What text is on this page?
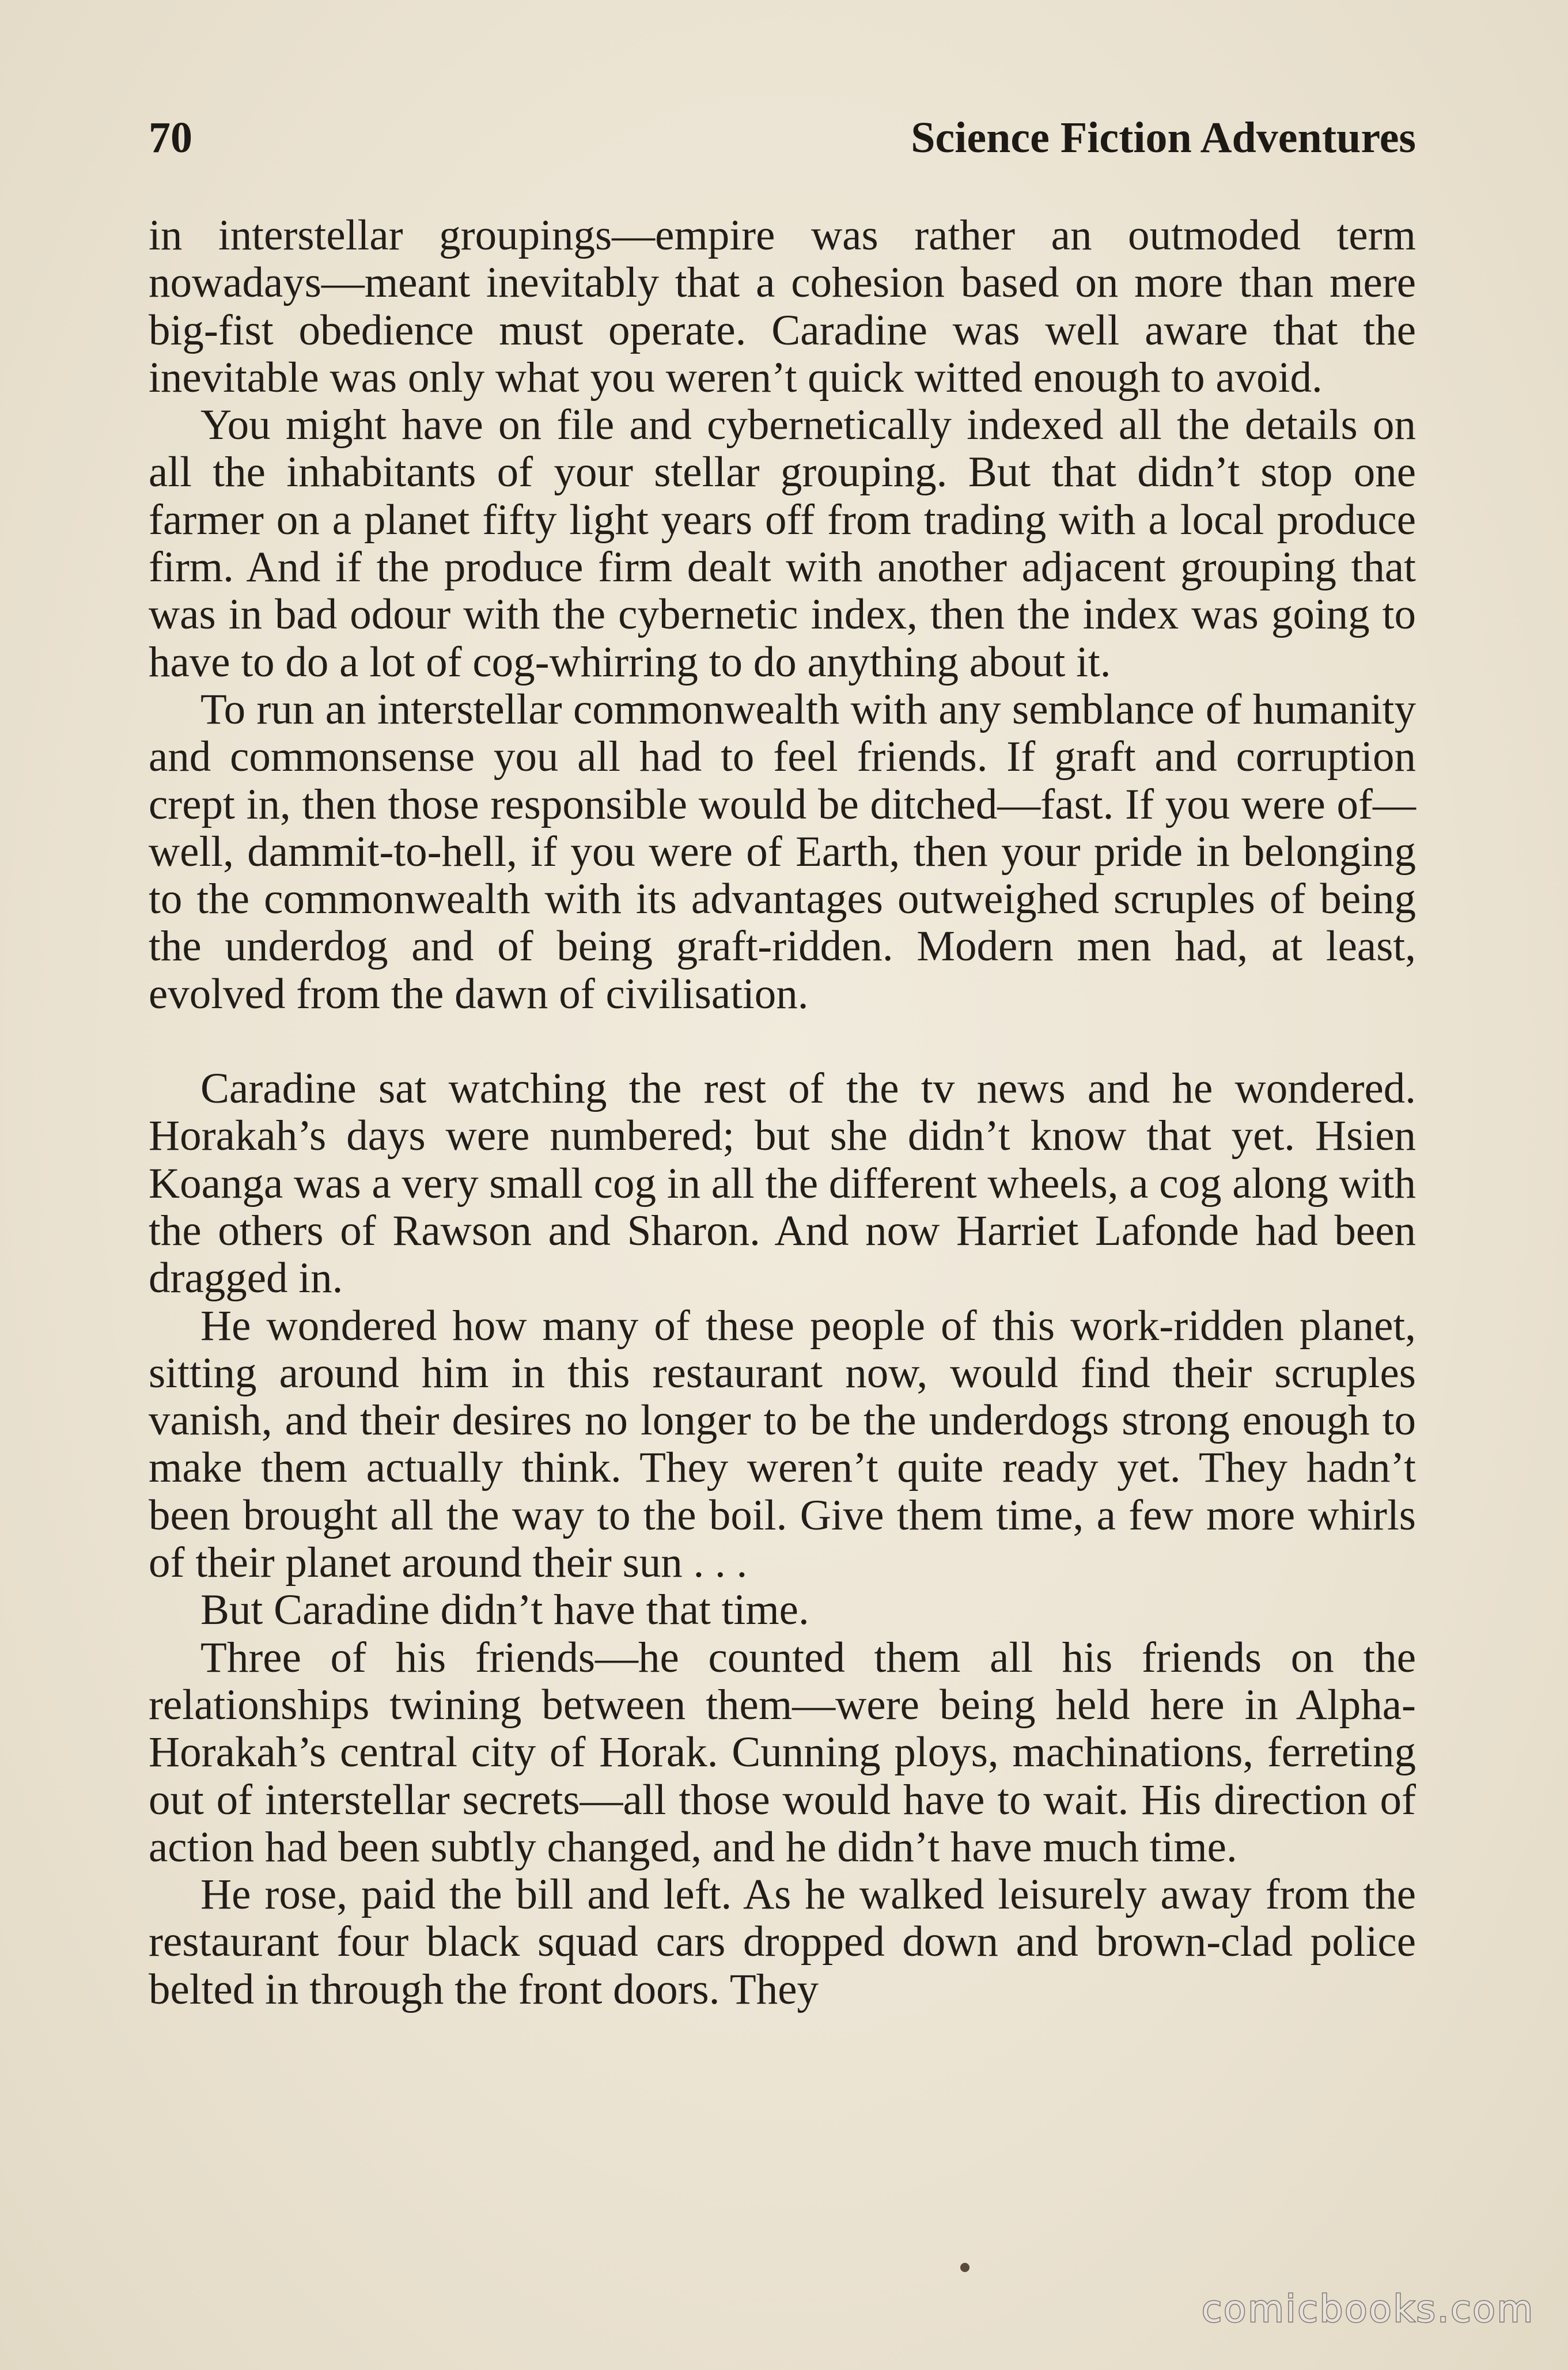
70	Science Fiction Adventures

in interstellar groupings—empire was rather an outmoded term nowadays—meant inevitably that a cohesion based on more than mere big-fist obedience must operate. Caradine was well aware that the inevitable was only what you weren’t quick witted enough to avoid.

You might have on file and cybernetically indexed all the details on all the inhabitants of your stellar grouping. But that didn’t stop one farmer on a planet fifty light years off from trading with a local produce firm. And if the produce firm dealt with another adjacent grouping that was in bad odour with the cybernetic index, then the index was going to have to do a lot of cog-whirring to do anything about it.

To run an interstellar commonwealth with any semblance of humanity and commonsense you all had to feel friends. If graft and corruption crept in, then those responsible would be ditched—fast. If you were of—well, dammit-to-hell, if you were of Earth, then your pride in belonging to the commonwealth with its advantages outweighed scruples of being the underdog and of being graft-ridden. Modern men had, at least, evolved from the dawn of civilisation.

Caradine sat watching the rest of the tv news and he wondered. Horakah’s days were numbered; but she didn’t know that yet. Hsien Koanga was a very small cog in all the different wheels, a cog along with the others of Rawson and Sharon. And now Harriet Lafonde had been dragged in.

He wondered how many of these people of this work-ridden planet, sitting around him in this restaurant now, would find their scruples vanish, and their desires no longer to be the underdogs strong enough to make them actually think. They weren’t quite ready yet. They hadn’t been brought all the way to the boil. Give them time, a few more whirls of their planet around their sun . . .

But Caradine didn’t have that time.

Three of his friends—he counted them all his friends on the relationships twining between them—were being held here in Alpha-Horakah’s central city of Horak. Cunning ploys, machinations, ferreting out of interstellar secrets—all those would have to wait. His direction of action had been subtly changed, and he didn’t have much time.

He rose, paid the bill and left. As he walked leisurely away from the restaurant four black squad cars dropped down and brown-clad police belted in through the front doors. They

comicbooks.com
